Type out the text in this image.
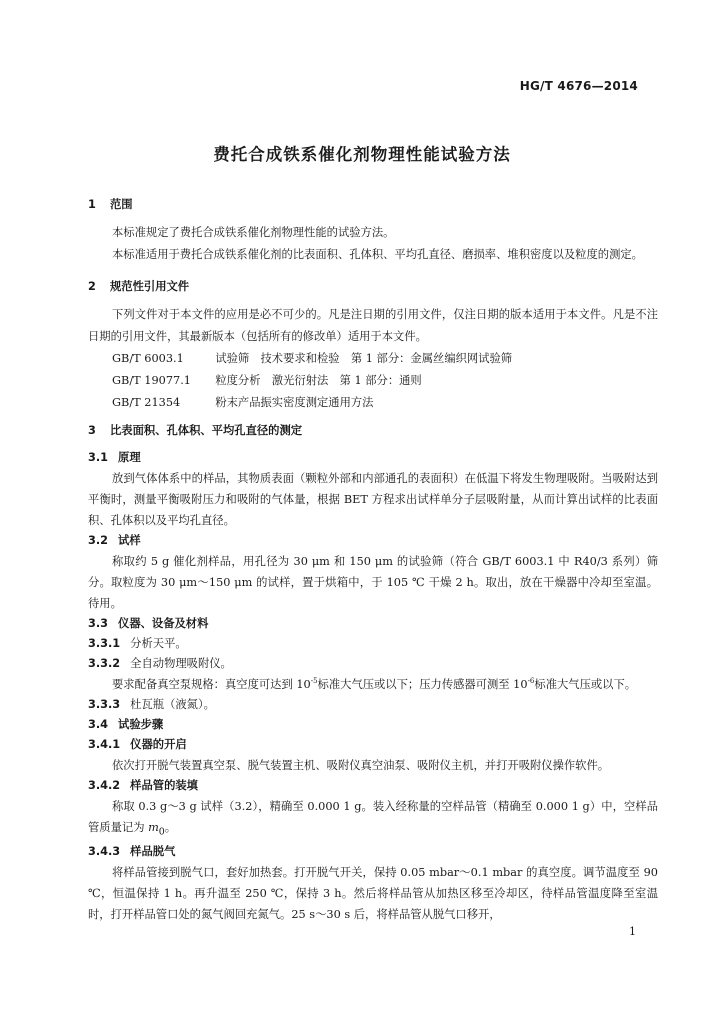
HG/T 4676—2014
费托合成铁系催化剂物理性能试验方法
1 范围

本标准规定了费托合成铁系催化剂物理性能的试验方法。

本标准适用于费托合成铁系催化剂的比表面积、孔体积、平均孔直径、磨损率、堆积密度以及粒度的测定。

2 规范性引用文件

下列文件对于本文件的应用是必不可少的。凡是注日期的引用文件，仅注日期的版本适用于本文件。凡是不注日期的引用文件，其最新版本（包括所有的修改单）适用于本文件。

GB/T 6003.1　	试验筛　技术要求和检验　第 1 部分：金属丝编织网试验筛
GB/T 19077.1　 粒度分析　激光衍射法　第 1 部分：通则
GB/T 21354　	粉末产品振实密度测定通用方法
3 比表面积、孔体积、平均孔直径的测定
3.1 原理

放到气体体系中的样品，其物质表面（颗粒外部和内部通孔的表面积）在低温下将发生物理吸附。当吸附达到平衡时，测量平衡吸附压力和吸附的气体量，根据 BET 方程求出试样单分子层吸附量，从而计算出试样的比表面积、孔体积以及平均孔直径。

3.2 试样

称取约 5 g 催化剂样品，用孔径为 30 μm 和 150 μm 的试验筛（符合 GB/T 6003.1 中 R40/3 系列）筛分。取粒度为 30 μm～150 μm 的试样，置于烘箱中，于 105 ℃ 干燥 2 h。取出，放在干燥器中冷却至室温。待用。

3.3 仪器、设备及材料
3.3.1 分析天平。
3.3.2 全自动物理吸附仪。

要求配备真空泵规格：真空度可达到 $10^{-5}$标准大气压或以下；压力传感器可测至 $10^{-6}$标准大气压或以下。

3.3.3 杜瓦瓶（液氮）。
3.4 试验步骤
3.4.1 仪器的开启

依次打开脱气装置真空泵、脱气装置主机、吸附仪真空油泵、吸附仪主机，并打开吸附仪操作软件。

3.4.2 样品管的装填

称取 0.3 g～3 g 试样（3.2），精确至 0.000 1 g。装入经称量的空样品管（精确至 0.000 1 g）中，空样品管质量记为 $m_0$。

3.4.3 样品脱气

将样品管接到脱气口，套好加热套。打开脱气开关，保持 0.05 mbar～0.1 mbar 的真空度。调节温度至 90 ℃，恒温保持 1 h。再升温至 250 ℃，保持 3 h。然后将样品管从加热区移至冷却区，待样品管温度降至室温时，打开样品管口处的氮气阀回充氮气。25 s～30 s 后，将样品管从脱气口移开，

1
